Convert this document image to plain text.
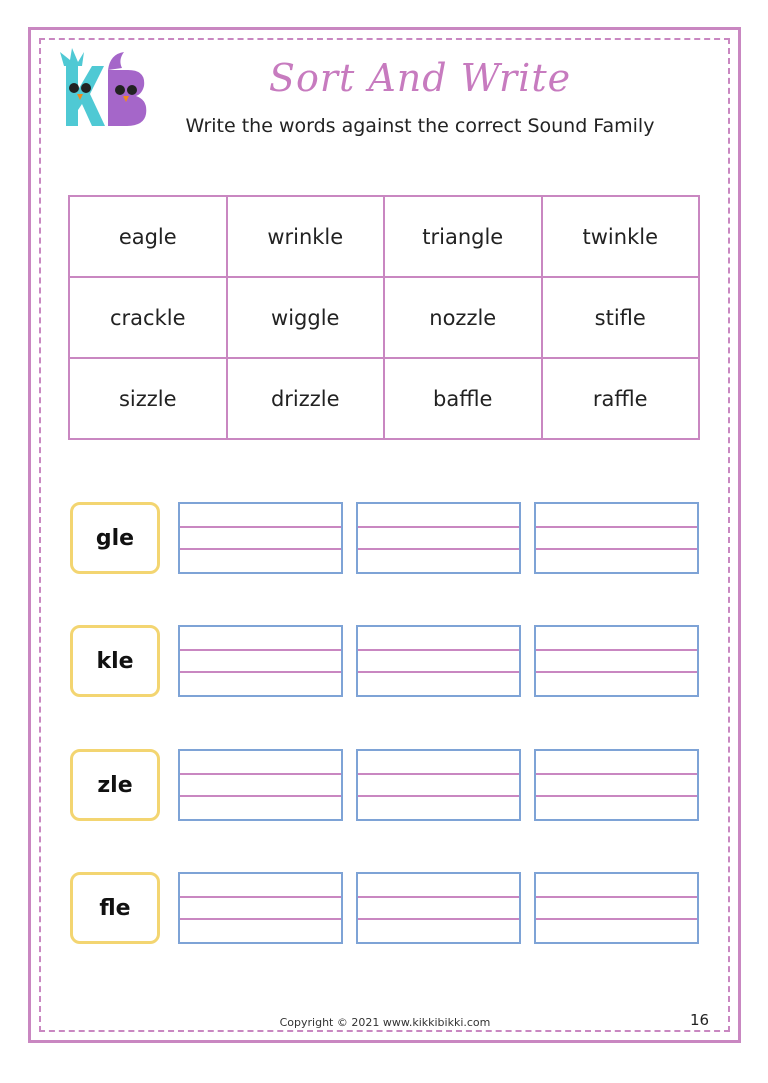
Sort And Write
Write the words against the correct Sound Family
eagle	wrinkle	triangle	twinkle
crackle	wiggle	nozzle	stifle
sizzle	drizzle	baffle	raffle
gle
kle
zle
fle
Copyright © 2021 www.kikkibikki.com	16
